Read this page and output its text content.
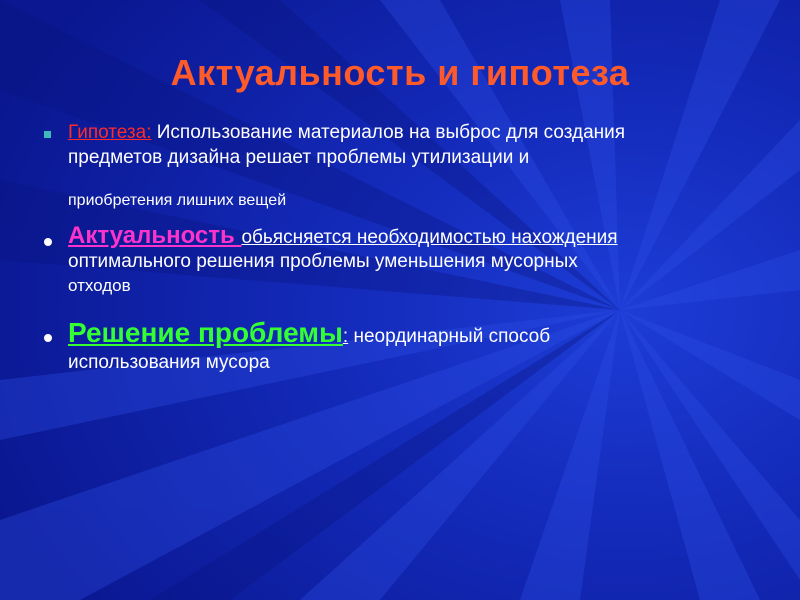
Актуальность и гипотеза
Гипотеза: Использование материалов на выброс для создания
предметов дизайна решает проблемы утилизации и
приобретения лишних вещей
Актуальность обьясняется необходимостью нахождения
оптимального решения проблемы уменьшения мусорных
отходов
Решение проблемы: неординарный способ
использования мусора
